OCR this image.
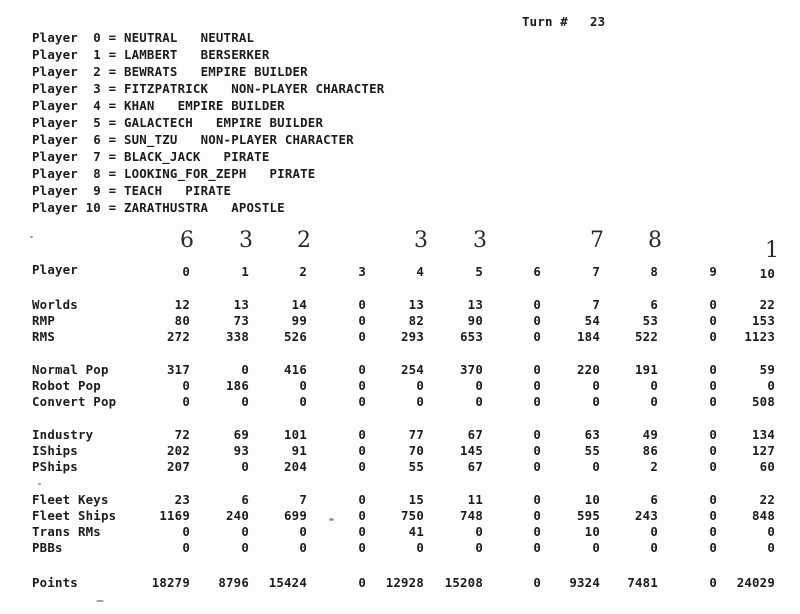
Turn # 23
Player 0 = NEUTRAL NEUTRAL
Player 1 = LAMBERT BERSERKER
Player 2 = BEWRATS EMPIRE BUILDER
Player 3 = FITZPATRICK NON-PLAYER CHARACTER
Player 4 = KHAN EMPIRE BUILDER
Player 5 = GALACTECH EMPIRE BUILDER
Player 6 = SUN_TZU NON-PLAYER CHARACTER
Player 7 = BLACK_JACK PIRATE
Player 8 = LOOKING_FOR_ZEPH PIRATE
Player 9 = TEACH PIRATE
Player 10 = ZARATHUSTRA APOSTLE
6 3 2	3 3	7 8	1
Player	0	1	2	3	4	5	6	7	8	9	10
Worlds	12	13	14	0	13	13	0	7	6	0	22
RMP	80	73	99	0	82	90	0	54	53	0	153
RMS	272	338	526	0	293	653	0	184	522	0	1123
Normal Pop	317	0	416	0	254	370	0	220	191	0	59
Robot Pop	0	186	0	0	0	0	0	0	0	0	0
Convert Pop	0	0	0	0	0	0	0	0	0	0	508
Industry	72	69	101	0	77	67	0	63	49	0	134
IShips	202	93	91	0	70	145	0	55	86	0	127
PShips	207	0	204	0	55	67	0	0	2	0	60
Fleet Keys	23	6	7	0	15	11	0	10	6	0	22
Fleet Ships	1169	240	699	0	750	748	0	595	243	0	848
Trans RMs	0	0	0	0	41	0	0	10	0	0	0
PBBs	0	0	0	0	0	0	0	0	0	0	0
Points	18279	8796	15424	0	12928	15208	0	9324	7481	0	24029
